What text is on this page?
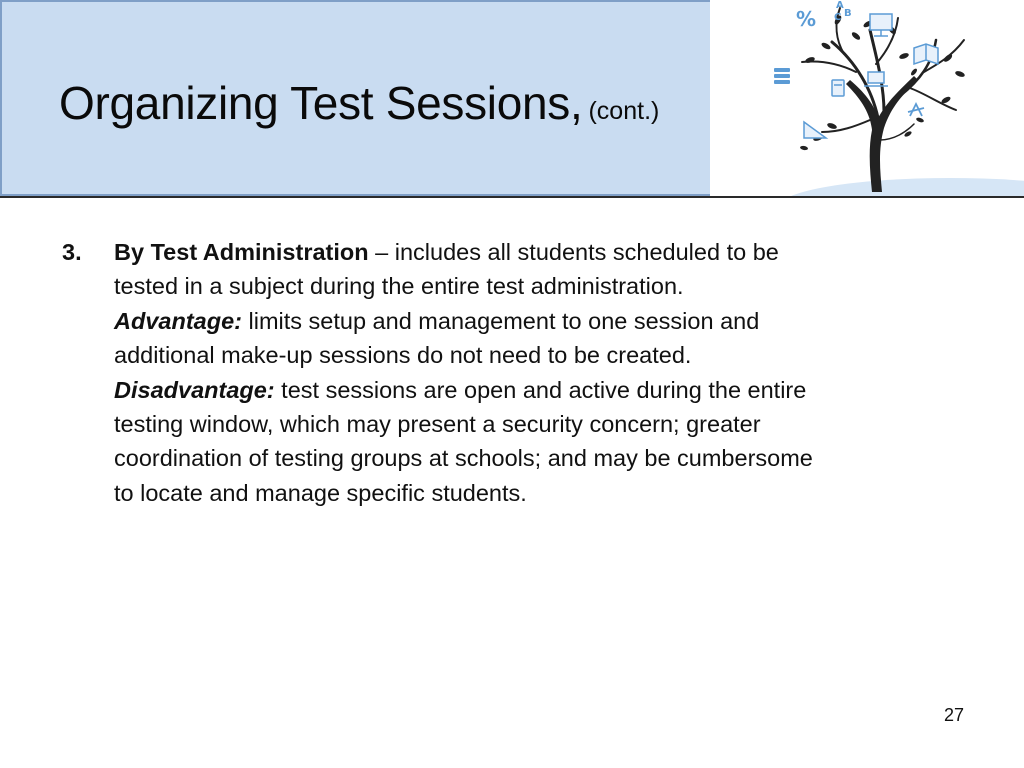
Organizing Test Sessions, (cont.)
%
A
C B
3.	By Test Administration – includes all students scheduled to be
tested in a subject during the entire test administration.
Advantage: limits setup and management to one session and
additional make-up sessions do not need to be created.
Disadvantage: test sessions are open and active during the entire
testing window, which may present a security concern; greater
coordination of testing groups at schools; and may be cumbersome
to locate and manage specific students.
27
